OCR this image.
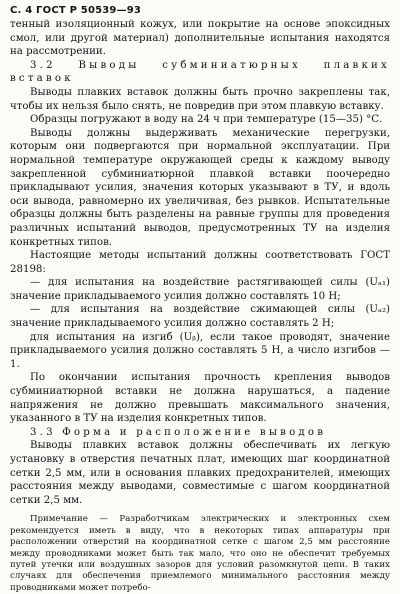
С. 4 ГОСТ Р 50539—93

тенный изоляционный кожух, или покрытие на основе эпоксидных смол, или другой материал) дополнительные испытания находятся на рассмотрении.

3.2 Выводы субминиатюрных плавких вставок

Выводы плавких вставок должны быть прочно закреплены так, чтобы их нельзя было снять, не повредив при этом плавкую вставку.

Образцы погружают в воду на 24 ч при температуре (15—35) °С.

Выводы должны выдерживать механические перегрузки, которым они подвергаются при нормальной эксплуатации. При нормальной температуре окружающей среды к каждому выводу закрепленной субминиатюрной плавкой вставки поочередно прикладывают усилия, значения которых указывают в ТУ, и вдоль оси вывода, равномерно их увеличивая, без рывков. Испытательные образцы должны быть разделены на равные группы для проведения различных испытаний выводов, предусмотренных ТУ на изделия конкретных типов.

Настоящие методы испытаний должны соответствовать ГОСТ 28198:

— для испытания на воздействие растягивающей силы (Uₐ₁) значение прикладываемого усилия должно составлять 10 Н;

— для испытания на воздействие сжимающей силы (Uₐ₂) значение прикладываемого усилия должно составлять 2 Н;

для испытания на изгиб (Uᵦ), если такое проводят, значение прикладываемого усилия должно составлять 5 Н, а число изгибов — 1.

По окончании испытания прочность крепления выводов субминиатюрной вставки не должна нарушаться, а падение напряжения не должно превышать максимального значения, указанного в ТУ на изделия конкретных типов.

3.3 Форма и расположение выводов

Выводы плавких вставок должны обеспечивать их легкую установку в отверстия печатных плат, имеющих шаг координатной сетки 2,5 мм, или в основания плавких предохранителей, имеющих расстояния между выводами, совместимые с шагом координатной сетки 2,5 мм.

Примечание — Разработчикам электрических и электронных схем рекомендуется иметь в виду, что в некоторых типах аппаратуры при расположении отверстий на координатной сетке с шагом 2,5 мм расстояние между проводниками может быть так мало, что оно не обеспечит требуемых путей утечки или воздушных зазоров для условий разомкнутой цепи. В таких случаях для обеспечения приемлемого минимального расстояния между проводниками может потребо-
